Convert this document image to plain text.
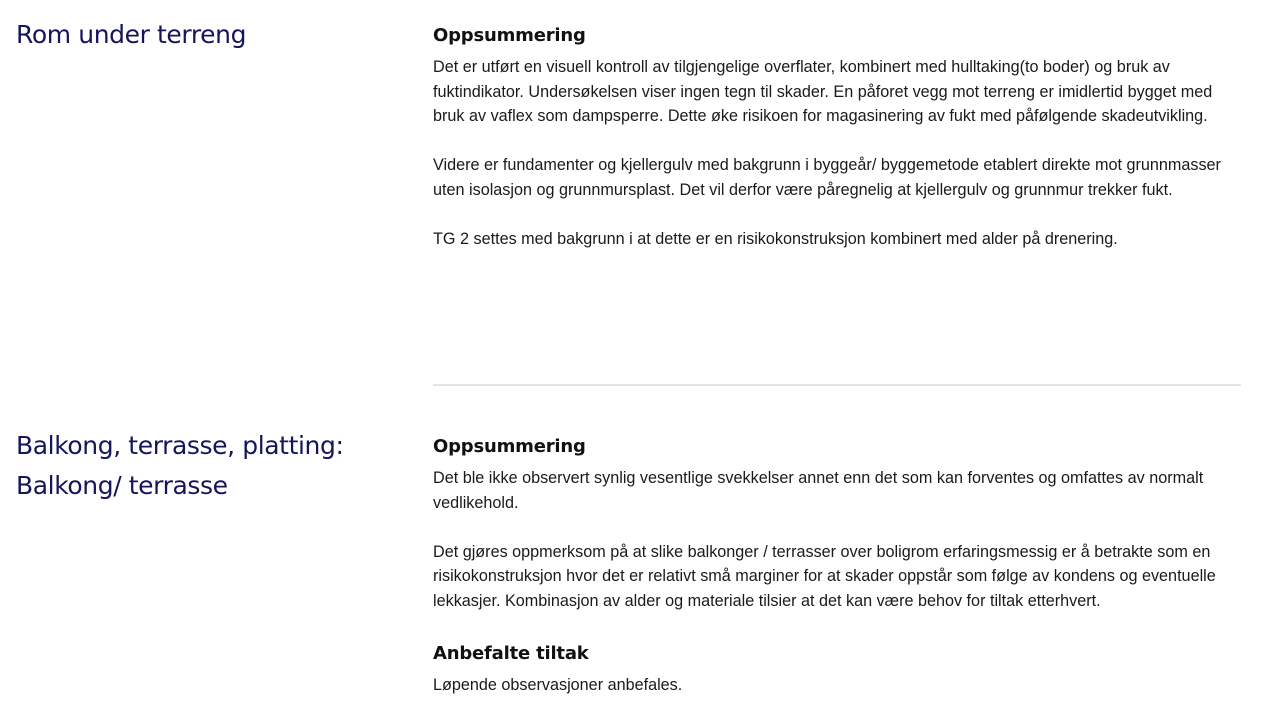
Rom under terreng	Oppsummering

Det er utført en visuell kontroll av tilgjengelige overflater, kombinert med hulltaking(to boder) og bruk av fuktindikator. Undersøkelsen viser ingen tegn til skader. En påforet vegg mot terreng er imidlertid bygget med bruk av vaflex som dampsperre. Dette øke risikoen for magasinering av fukt med påfølgende skadeutvikling.

Videre er fundamenter og kjellergulv med bakgrunn i byggeår/ byggemetode etablert direkte mot grunnmasser uten isolasjon og grunnmursplast. Det vil derfor være påregnelig at kjellergulv og grunnmur trekker fukt.

TG 2 settes med bakgrunn i at dette er en risikokonstruksjon kombinert med alder på drenering.

Balkong, terrasse, platting:
Balkong/ terrasse
Oppsummering

Det ble ikke observert synlig vesentlige svekkelser annet enn det som kan forventes og omfattes av normalt vedlikehold.

Det gjøres oppmerksom på at slike balkonger / terrasser over boligrom erfaringsmessig er å betrakte som en risikokonstruksjon hvor det er relativt små marginer for at skader oppstår som følge av kondens og eventuelle lekkasjer. Kombinasjon av alder og materiale tilsier at det kan være behov for tiltak etterhvert.

Anbefalte tiltak

Løpende observasjoner anbefales.
